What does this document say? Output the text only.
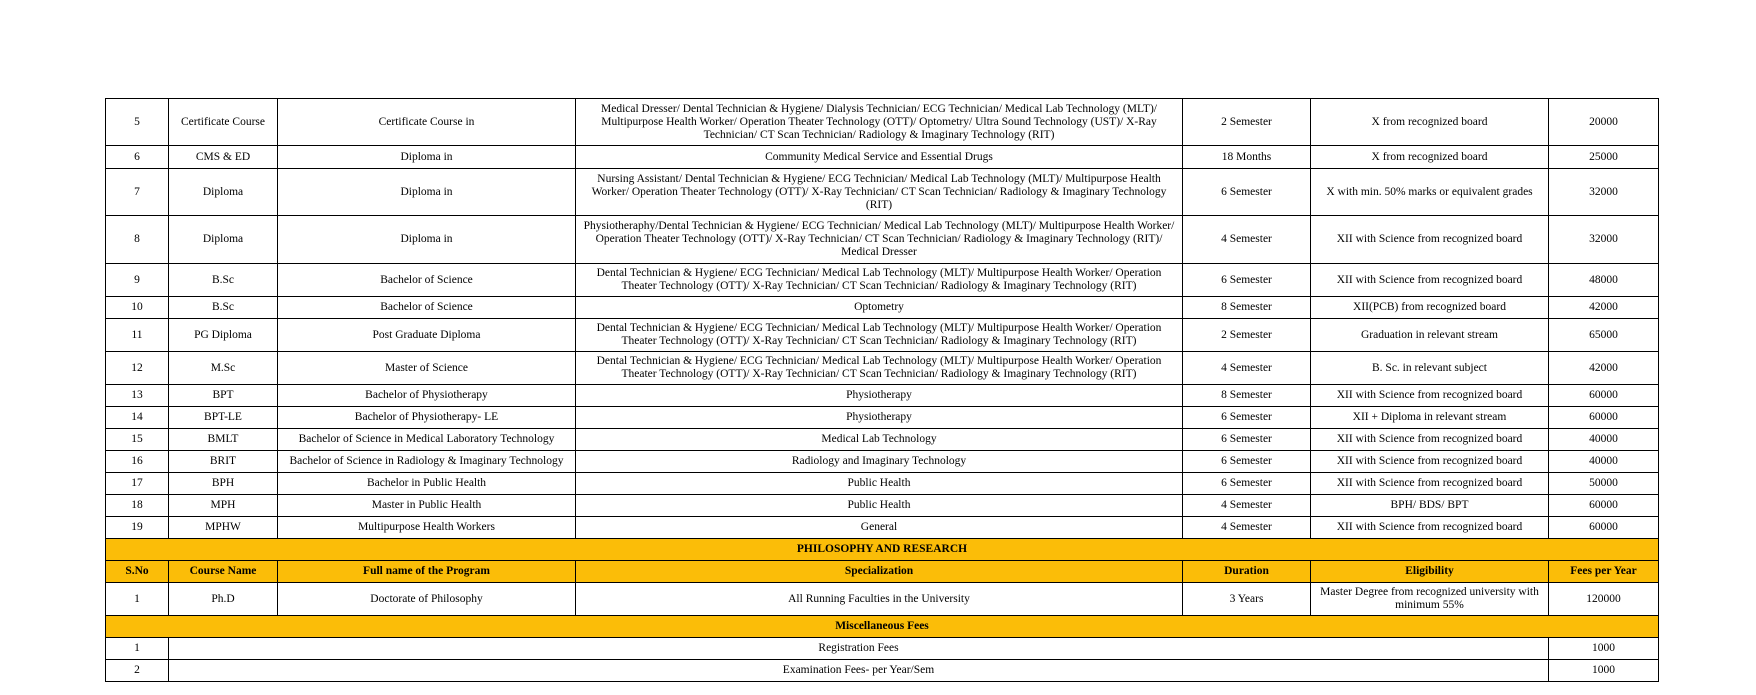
5	Certificate Course	Certificate Course in	Medical Dresser/ Dental Technician & Hygiene/ Dialysis Technician/ ECG Technician/ Medical Lab Technology (MLT)/ Multipurpose Health Worker/ Operation Theater Technology (OTT)/ Optometry/ Ultra Sound Technology (UST)/ X-Ray Technician/ CT Scan Technician/ Radiology & Imaginary Technology (RIT)	2 Semester	X from recognized board	20000
6	CMS & ED	Diploma in	Community Medical Service and Essential Drugs	18 Months	X from recognized board	25000
7	Diploma	Diploma in	Nursing Assistant/ Dental Technician & Hygiene/ ECG Technician/ Medical Lab Technology (MLT)/ Multipurpose Health Worker/ Operation Theater Technology (OTT)/ X-Ray Technician/ CT Scan Technician/ Radiology & Imaginary Technology (RIT)	6 Semester	X with min. 50% marks or equivalent grades	32000
8	Diploma	Diploma in	Physiotheraphy/Dental Technician & Hygiene/ ECG Technician/ Medical Lab Technology (MLT)/ Multipurpose Health Worker/ Operation Theater Technology (OTT)/ X-Ray Technician/ CT Scan Technician/ Radiology & Imaginary Technology (RIT)/ Medical Dresser	4 Semester	XII with Science from recognized board	32000
9	B.Sc	Bachelor of Science	Dental Technician & Hygiene/ ECG Technician/ Medical Lab Technology (MLT)/ Multipurpose Health Worker/ Operation Theater Technology (OTT)/ X-Ray Technician/ CT Scan Technician/ Radiology & Imaginary Technology (RIT)	6 Semester	XII with Science from recognized board	48000
10	B.Sc	Bachelor of Science	Optometry	8 Semester	XII(PCB) from recognized board	42000
11	PG Diploma	Post Graduate Diploma	Dental Technician & Hygiene/ ECG Technician/ Medical Lab Technology (MLT)/ Multipurpose Health Worker/ Operation Theater Technology (OTT)/ X-Ray Technician/ CT Scan Technician/ Radiology & Imaginary Technology (RIT)	2 Semester	Graduation in relevant stream	65000
12	M.Sc	Master of Science	Dental Technician & Hygiene/ ECG Technician/ Medical Lab Technology (MLT)/ Multipurpose Health Worker/ Operation Theater Technology (OTT)/ X-Ray Technician/ CT Scan Technician/ Radiology & Imaginary Technology (RIT)	4 Semester	B. Sc. in relevant subject	42000
13	BPT	Bachelor of Physiotherapy	Physiotherapy	8 Semester	XII with Science from recognized board	60000
14	BPT-LE	Bachelor of Physiotherapy- LE	Physiotherapy	6 Semester	XII + Diploma in relevant stream	60000
15	BMLT	Bachelor of Science in Medical Laboratory Technology	Medical Lab Technology	6 Semester	XII with Science from recognized board	40000
16	BRIT	Bachelor of Science in Radiology & Imaginary Technology	Radiology and Imaginary Technology	6 Semester	XII with Science from recognized board	40000
17	BPH	Bachelor in Public Health	Public Health	6 Semester	XII with Science from recognized board	50000
18	MPH	Master in Public Health	Public Health	4 Semester	BPH/ BDS/ BPT	60000
19	MPHW	Multipurpose Health Workers	General	4 Semester	XII with Science from recognized board	60000
PHILOSOPHY AND RESEARCH						
S.No	Course Name	Full name of the Program	Specialization	Duration	Eligibility	Fees per Year
1	Ph.D	Doctorate of Philosophy	All Running Faculties in the University	3 Years	Master Degree from recognized university with minimum 55%	120000
Miscellaneous Fees						
1	Registration Fees					1000
2	Examination Fees- per Year/Sem					1000
